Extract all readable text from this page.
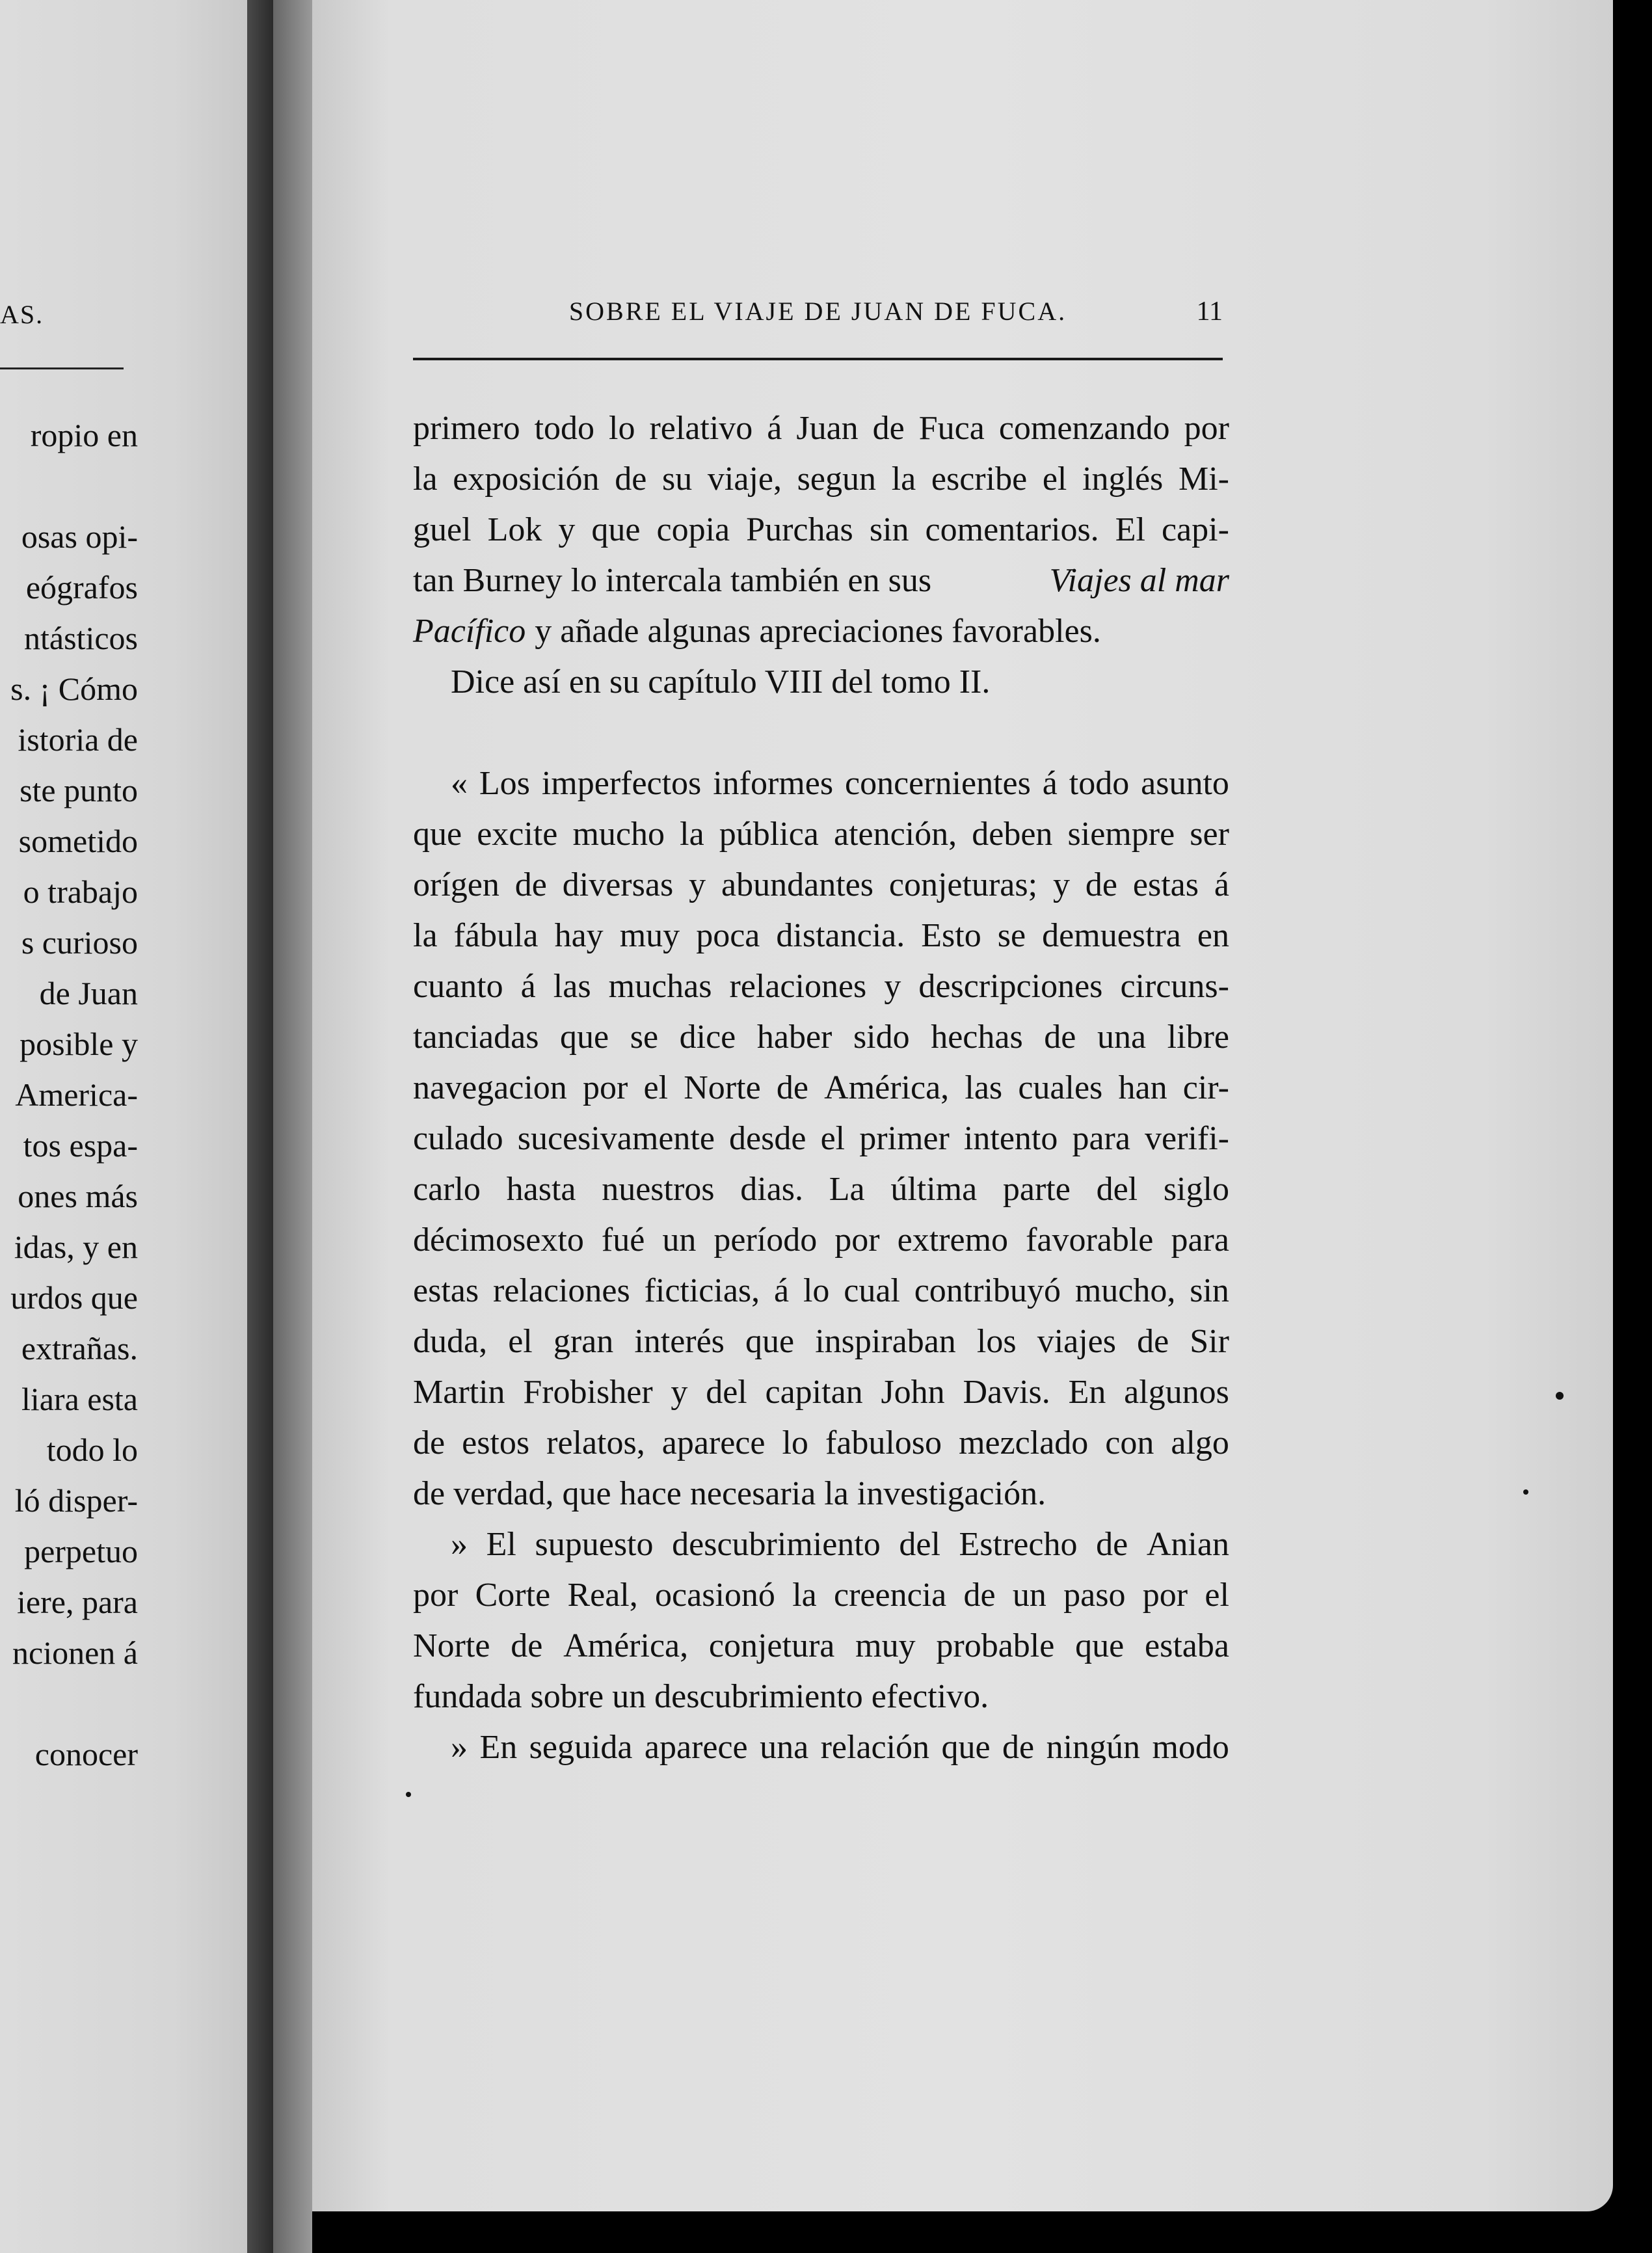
AS.
ropio en
osas opi-
eógrafos
ntásticos
s. ¡ Cómo
istoria de
ste punto
sometido
o trabajo
s curioso
de Juan
posible y
America-
tos espa-
ones más
idas, y en
urdos que
extrañas.
liara esta
todo lo
ló disper-
perpetuo
iere, para
ncionen á
conocer
SOBRE EL VIAJE DE JUAN DE FUCA.	11
primero todo lo relativo á Juan de Fuca comenzando por
la exposición de su viaje, segun la escribe el inglés Mi-
guel Lok y que copia Purchas sin comentarios. El capi-
tan Burney lo intercala también en sus	Viajes al mar
Pacífico y añade algunas apreciaciones favorables.
Dice así en su capítulo VIII del tomo II.
« Los imperfectos informes concernientes á todo asunto
que excite mucho la pública atención, deben siempre ser
orígen de diversas y abundantes conjeturas; y de estas á
la fábula hay muy poca distancia. Esto se demuestra en
cuanto á las muchas relaciones y descripciones circuns-
tanciadas que se dice haber sido hechas de una libre
navegacion por el Norte de América, las cuales han cir-
culado sucesivamente desde el primer intento para verifi-
carlo hasta nuestros dias. La última parte del siglo
décimosexto fué un período por extremo favorable para
estas relaciones ficticias, á lo cual contribuyó mucho, sin
duda, el gran interés que inspiraban los viajes de Sir
Martin Frobisher y del capitan John Davis. En algunos
de estos relatos, aparece lo fabuloso mezclado con algo
de verdad, que hace necesaria la investigación.
» El supuesto descubrimiento del Estrecho de Anian
por Corte Real, ocasionó la creencia de un paso por el
Norte de América, conjetura muy probable que estaba
fundada sobre un descubrimiento efectivo.
» En seguida aparece una relación que de ningún modo
